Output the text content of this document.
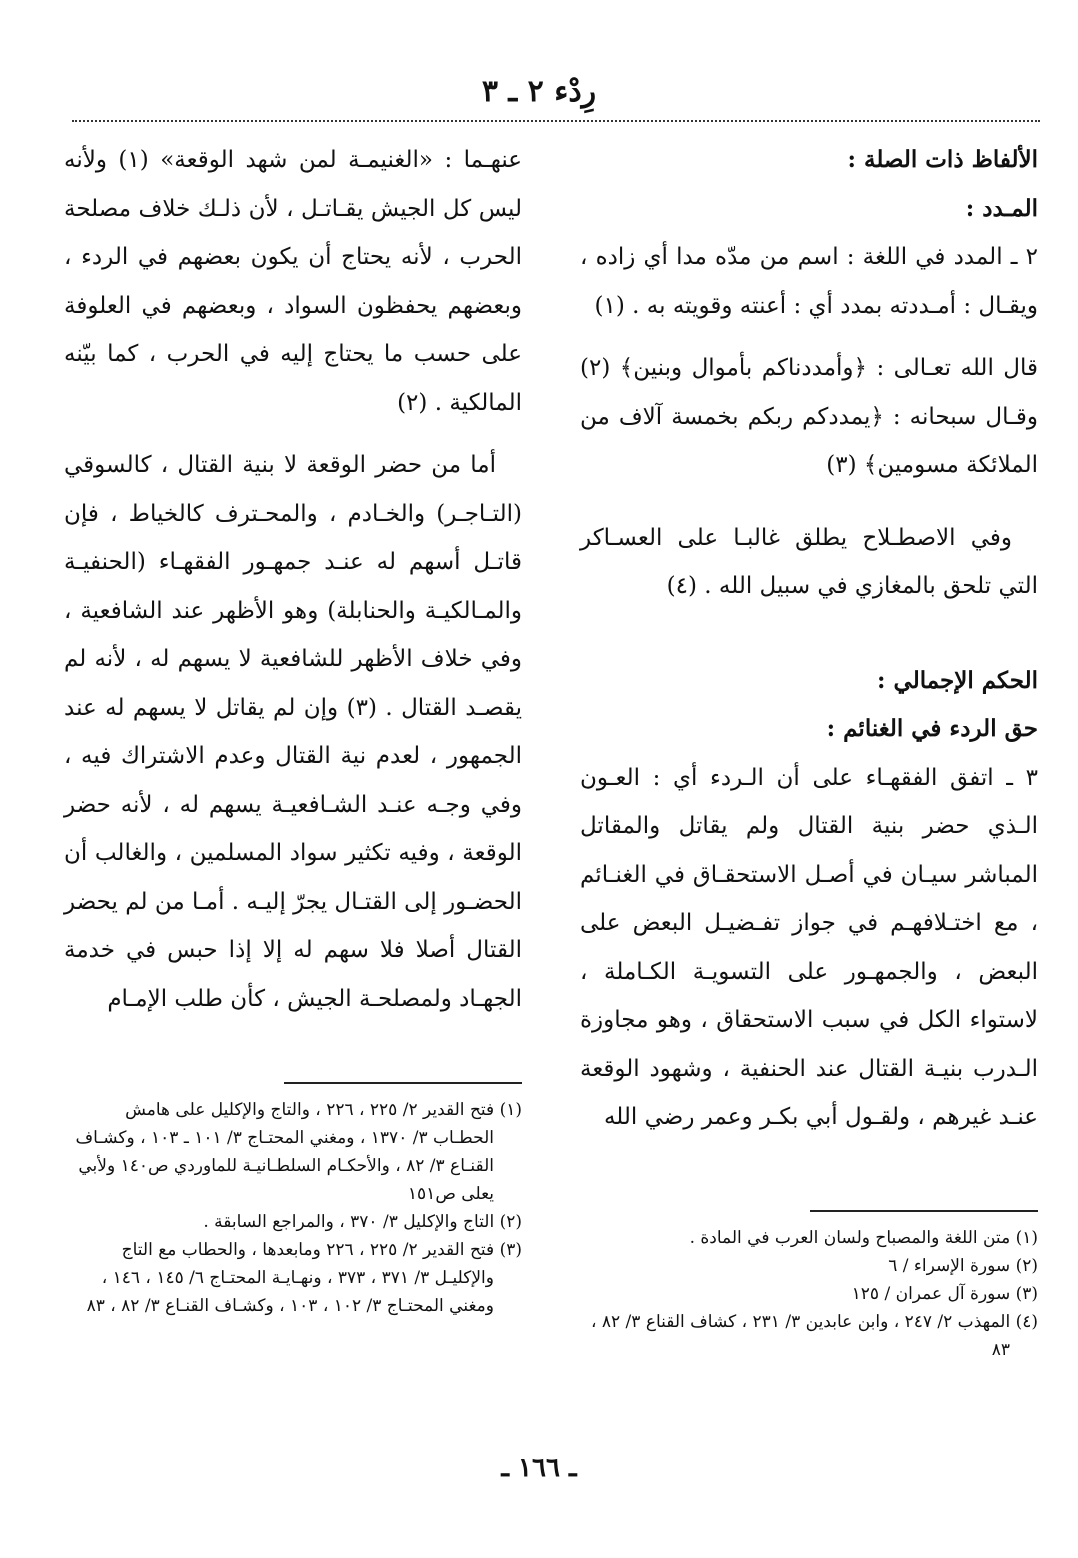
رِدْء ٢ ـ ٣

الألفاظ ذات الصلة :

المـدد :

٢ ـ المدد في اللغة : اسم من مدّه مدا أي زاده ، ويقـال : أمـددته بمدد أي : أعنته وقويته به . (١)

قال الله تعـالى : ﴿وأمددناكم بأموال وبنين﴾ (٢) وقـال سبحانه : ﴿يمددكم ربكم بخمسة آلاف من الملائكة مسومين﴾ (٣)

وفي الاصطـلاح يطلق غالبـا على العسـاكر التي تلحق بالمغازي في سبيل الله . (٤)

الحكم الإجمالي :

حق الردء في الغنائم :

٣ ـ اتفق الفقهـاء على أن الـردء أي : العـون الـذي حضر بنية القتال ولم يقاتل والمقاتل المباشر سيـان في أصـل الاستحقـاق في الغنـائم ، مع اختـلافهـم في جواز تفـضيـل البعض على البعض ، والجمهـور على التسويـة الكـاملة ، لاستواء الكل في سبب الاستحقاق ، وهو مجاوزة الـدرب بنيـة القتال عند الحنفية ، وشهود الوقعة عنـد غيرهم ، ولقـول أبي بكـر وعمر رضي الله

عنهـما : «الغنيمـة لمن شهد الوقعة» (١) ولأنه ليس كل الجيش يقـاتـل ، لأن ذلـك خلاف مصلحة الحرب ، لأنه يحتاج أن يكون بعضهم في الردء ، وبعضهم يحفظون السواد ، وبعضهم في العلوفة على حسب ما يحتاج إليه في الحرب ، كما بيّنه المالكية . (٢)

أما من حضر الوقعة لا بنية القتال ، كالسوقي (التـاجـر) والخـادم ، والمحـترف كالخياط ، فإن قاتـل أسهم له عنـد جمهـور الفقهـاء (الحنفيـة والمـالكيـة والحنابلة) وهو الأظهر عند الشافعية ، وفي خلاف الأظهر للشافعية لا يسهم له ، لأنه لم يقصـد القتال . (٣) وإن لم يقاتل لا يسهم له عند الجمهور ، لعدم نية القتال وعدم الاشتراك فيه ، وفي وجـه عنـد الشـافعيـة يسهم له ، لأنه حضر الوقعة ، وفيه تكثير سواد المسلمين ، والغالب أن الحضـور إلى القتـال يجرّ إليـه . أمـا من لم يحضر القتال أصلا فلا سهم له إلا إذا حبس في خدمة الجهـاد ولمصلحـة الجيش ، كأن طلب الإمـام

(١) متن اللغة والمصباح ولسان العرب في المادة .

(٢) سورة الإسراء / ٦

(٣) سورة آل عمران / ١٢٥

(٤) المهذب ٢/ ٢٤٧ ، وابن عابدين ٣/ ٢٣١ ، كشاف القناع ٣/ ٨٢ ، ٨٣

(١) فتح القدير ٢/ ٢٢٥ ، ٢٢٦ ، والتاج والإكليل على هامش الحطـاب ٣/ ١٣٧٠ ، ومغني المحتـاج ٣/ ١٠١ ـ ١٠٣ ، وكشـاف القنـاع ٣/ ٨٢ ، والأحكـام السلطـانيـة للماوردي ص١٤٠ ولأبي يعلى ص١٥١

(٢) التاج والإكليل ٣/ ٣٧٠ ، والمراجع السابقة .

(٣) فتح القدير ٢/ ٢٢٥ ، ٢٢٦ ومابعدها ، والحطاب مع التاج والإكليـل ٣/ ٣٧١ ، ٣٧٣ ، ونهـايـة المحتـاج ٦/ ١٤٥ ، ١٤٦ ، ومغني المحتـاج ٣/ ١٠٢ ، ١٠٣ ، وكشـاف القنـاع ٣/ ٨٢ ، ٨٣

ـ ١٦٦ ـ
